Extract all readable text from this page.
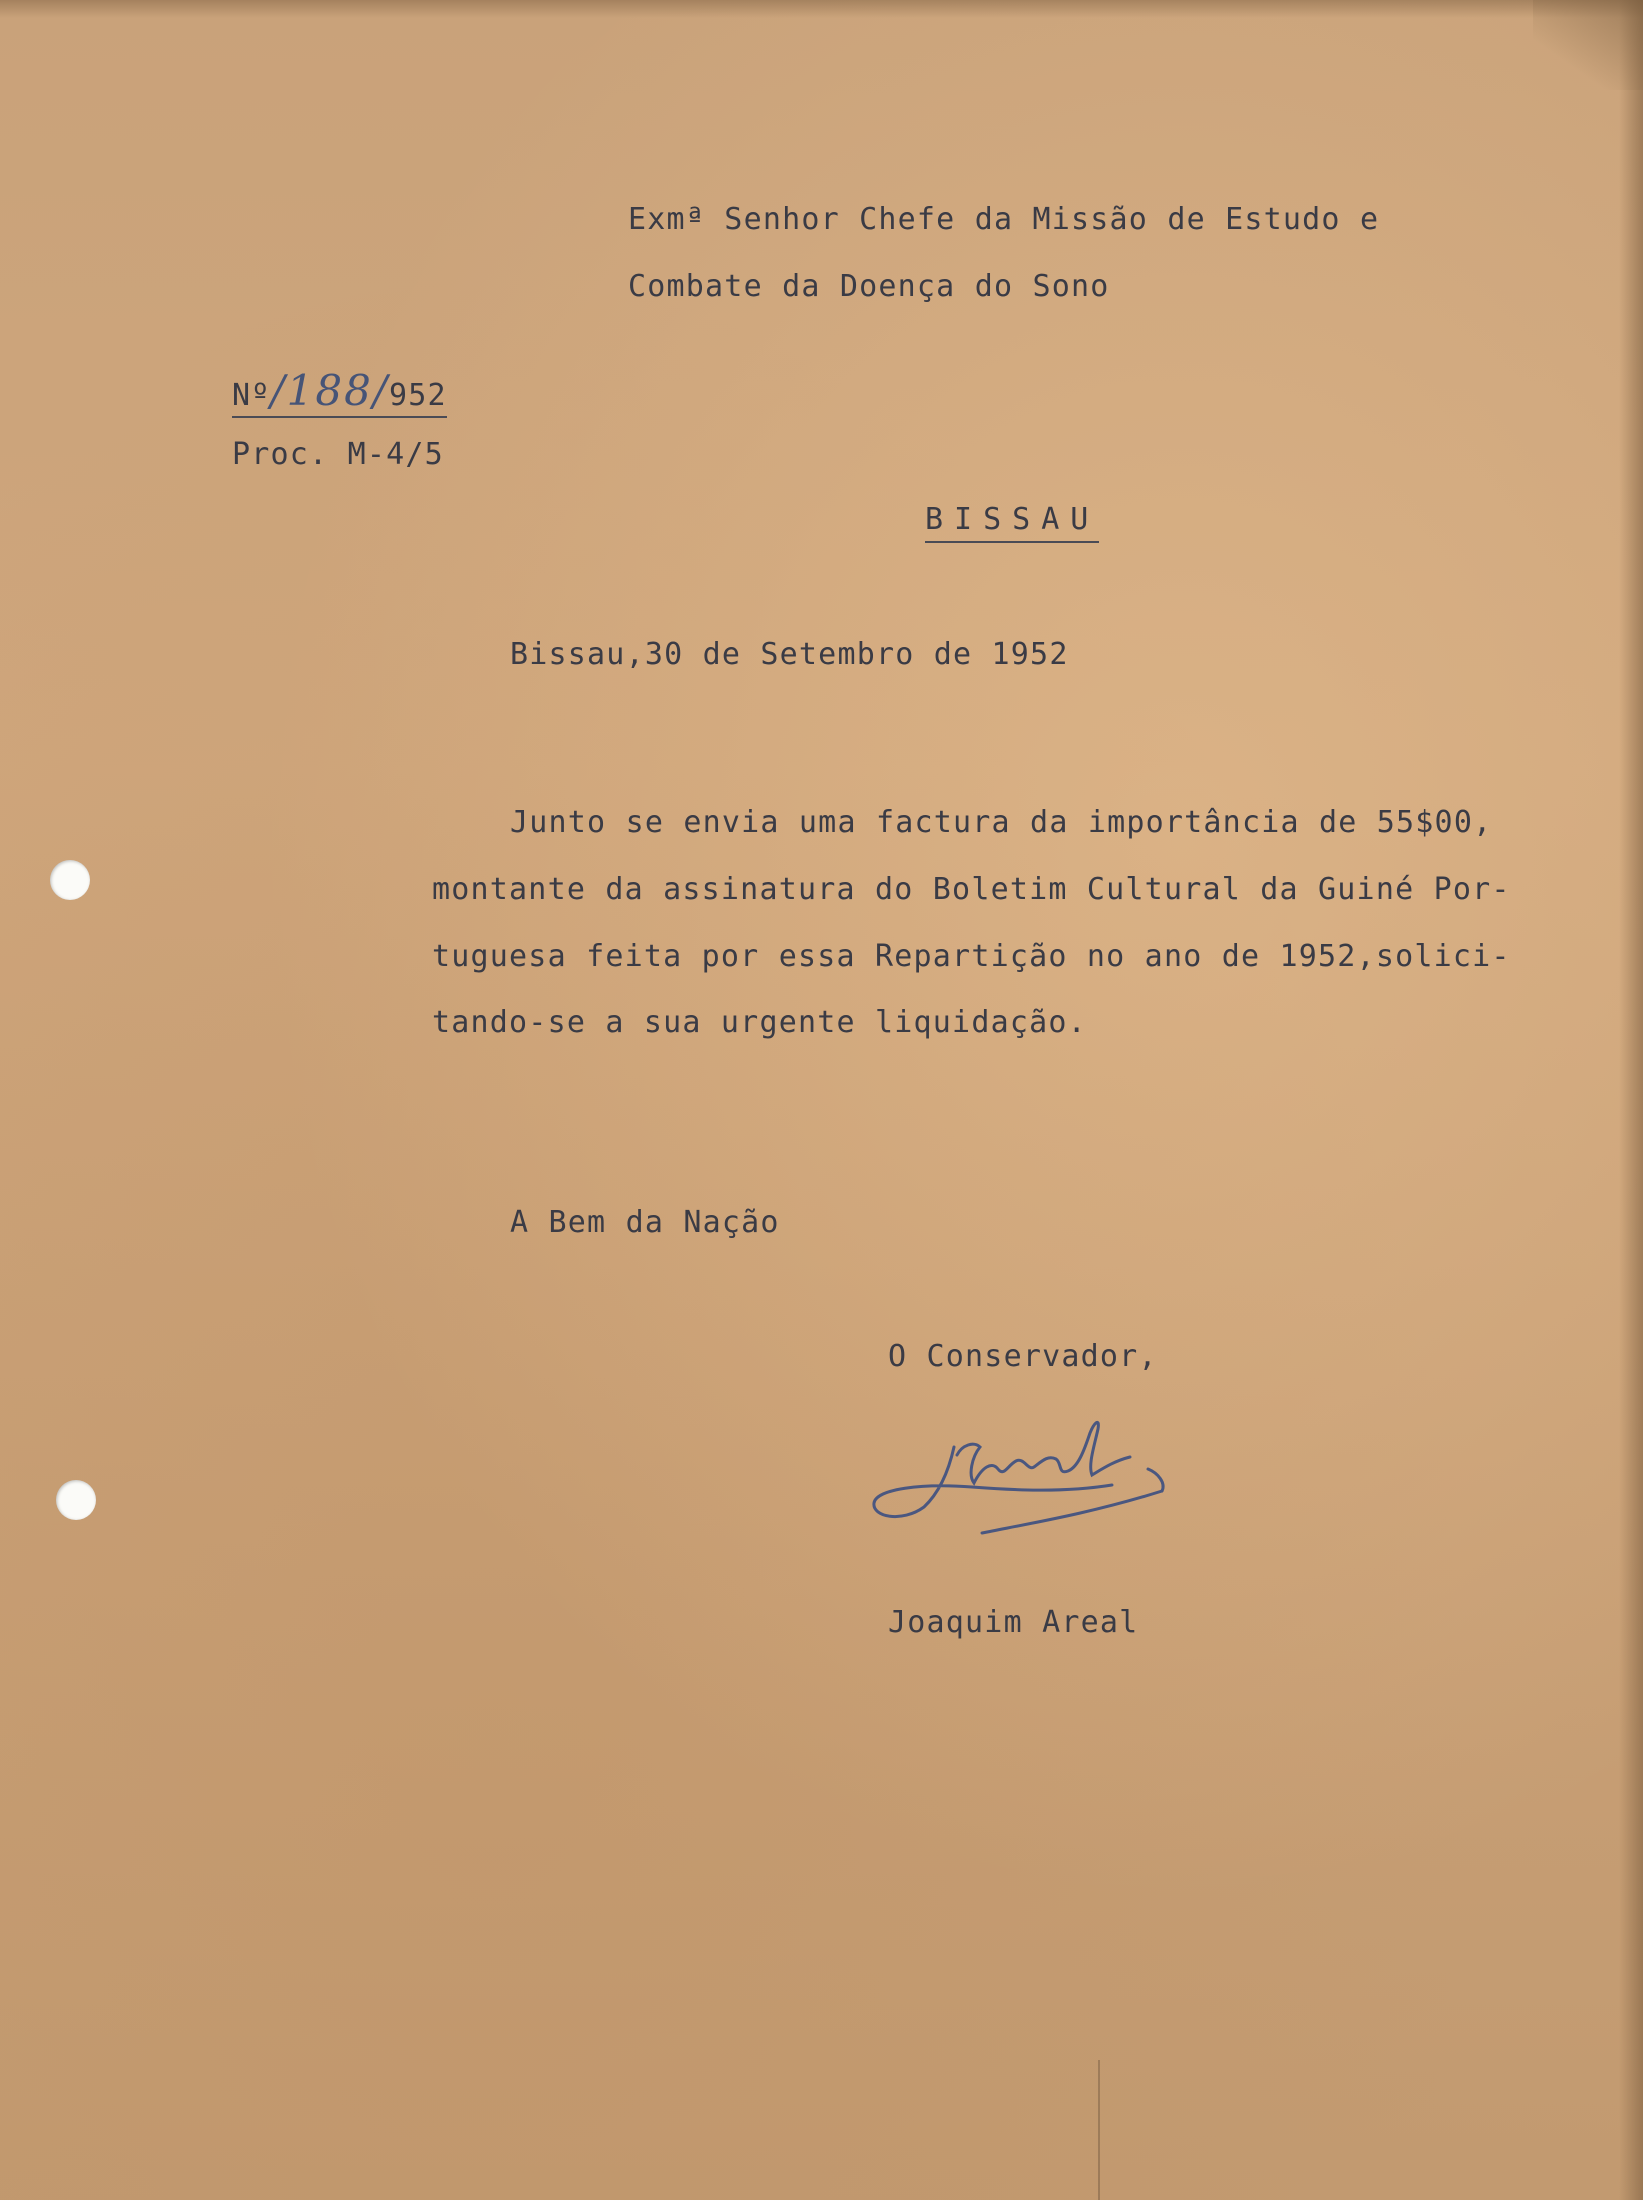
Exmª Senhor Chefe da Missão de Estudo e
Combate da Doença do Sono
Nº/188/952
Proc. M-4/5
BISSAU
Bissau,30 de Setembro de 1952
Junto se envia uma factura da importância de 55$00,
montante da assinatura do Boletim Cultural da Guiné Por-
tuguesa feita por essa Repartição no ano de 1952,solici-
tando-se a sua urgente liquidação.
A Bem da Nação
O Conservador,
Joaquim Areal
